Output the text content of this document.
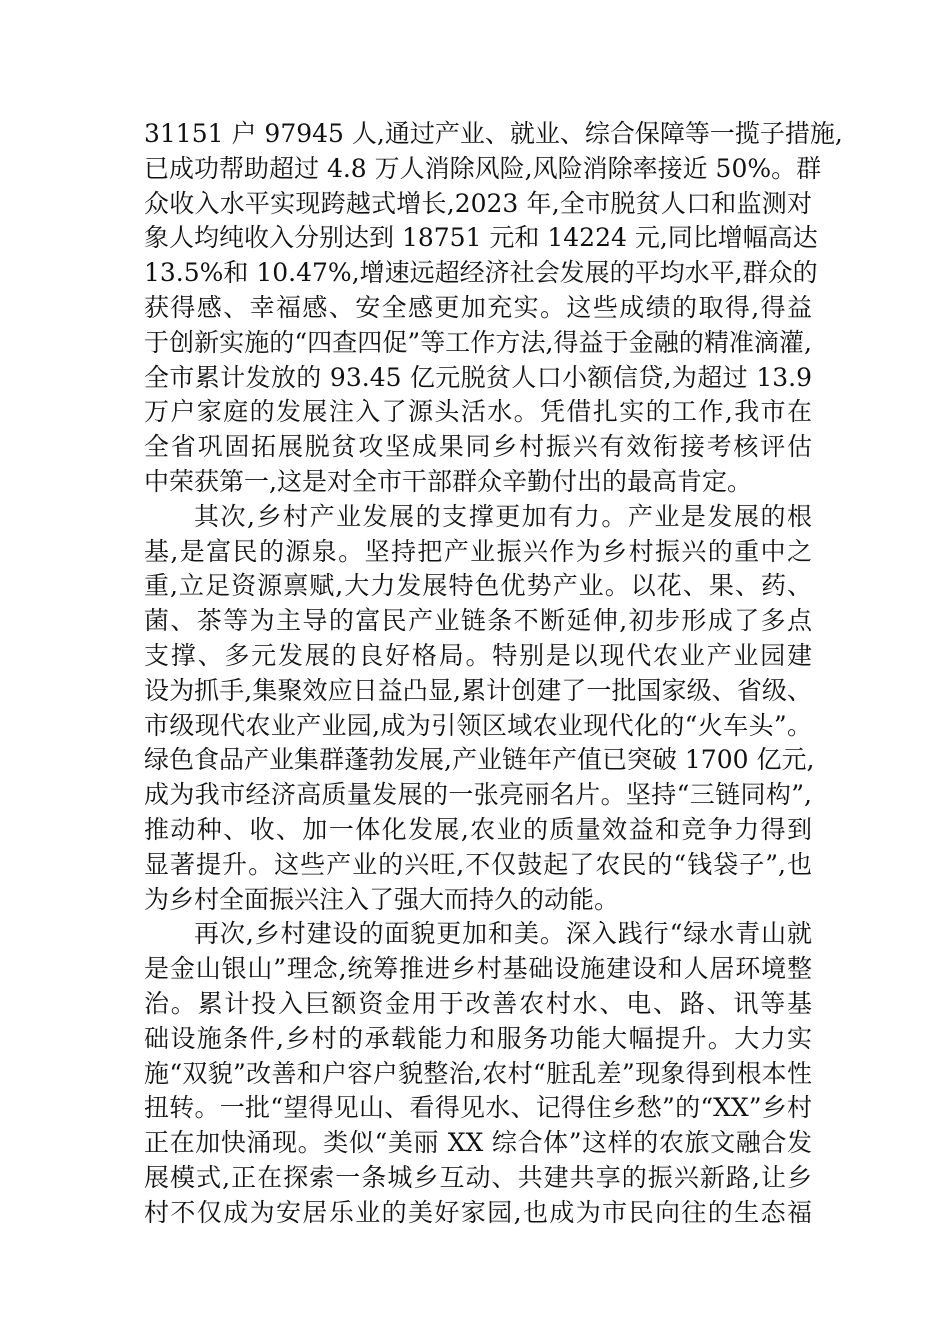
31151 户 97945 人,通过产业、就业、综合保障等一揽子措施,
已成功帮助超过 4.8 万人消除风险,风险消除率接近 50%。群
众收入水平实现跨越式增长,2023 年,全市脱贫人口和监测对
象人均纯收入分别达到 18751 元和 14224 元,同比增幅高达
13.5%和 10.47%,增速远超经济社会发展的平均水平,群众的
获得感、幸福感、安全感更加充实。这些成绩的取得,得益
于创新实施的“四查四促”等工作方法,得益于金融的精准滴灌,
全市累计发放的 93.45 亿元脱贫人口小额信贷,为超过 13.9
万户家庭的发展注入了源头活水。凭借扎实的工作,我市在
全省巩固拓展脱贫攻坚成果同乡村振兴有效衔接考核评估
中荣获第一,这是对全市干部群众辛勤付出的最高肯定。
其次,乡村产业发展的支撑更加有力。产业是发展的根
基,是富民的源泉。坚持把产业振兴作为乡村振兴的重中之
重,立足资源禀赋,大力发展特色优势产业。以花、果、药、
菌、茶等为主导的富民产业链条不断延伸,初步形成了多点
支撑、多元发展的良好格局。特别是以现代农业产业园建
设为抓手,集聚效应日益凸显,累计创建了一批国家级、省级、
市级现代农业产业园,成为引领区域农业现代化的“火车头”。
绿色食品产业集群蓬勃发展,产业链年产值已突破 1700 亿元,
成为我市经济高质量发展的一张亮丽名片。坚持“三链同构”,
推动种、收、加一体化发展,农业的质量效益和竞争力得到
显著提升。这些产业的兴旺,不仅鼓起了农民的“钱袋子”,也
为乡村全面振兴注入了强大而持久的动能。
再次,乡村建设的面貌更加和美。深入践行“绿水青山就
是金山银山”理念,统筹推进乡村基础设施建设和人居环境整
治。累计投入巨额资金用于改善农村水、电、路、讯等基
础设施条件,乡村的承载能力和服务功能大幅提升。大力实
施“双貌”改善和户容户貌整治,农村“脏乱差”现象得到根本性
扭转。一批“望得见山、看得见水、记得住乡愁”的“XX”乡村
正在加快涌现。类似“美丽 XX 综合体”这样的农旅文融合发
展模式,正在探索一条城乡互动、共建共享的振兴新路,让乡
村不仅成为安居乐业的美好家园,也成为市民向往的生态福
